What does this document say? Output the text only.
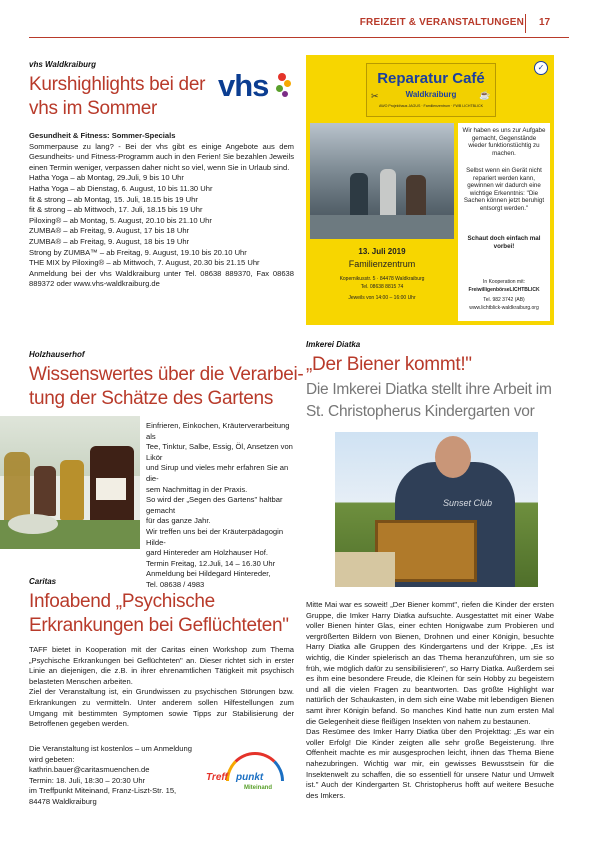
FREIZEIT & VERANSTALTUNGEN 17
vhs Waldkraiburg
Kurshighlights bei der
vhs im Sommer
vhs

Gesundheit & Fitness: Sommer-Specials

Sommerpause zu lang? - Bei der vhs gibt es einige Angebote aus dem Gesundheits- und Fitness-Programm auch in den Ferien! Sie bezahlen Jeweils einen Termin weniger, verpassen daher nicht so viel, wenn Sie in Urlaub sind.

Hatha Yoga – ab Montag, 29.Juli, 9 bis 10 Uhr

Hatha Yoga – ab Dienstag, 6. August, 10 bis 11.30 Uhr

fit & strong – ab Montag, 15. Juli, 18.15 bis 19 Uhr

fit & strong – ab Mittwoch, 17. Juli, 18.15 bis 19 Uhr

Piloxing® – ab Montag, 5. August, 20.10 bis 21.10 Uhr

ZUMBA® – ab Freitag, 9. August, 17 bis 18 Uhr

ZUMBA® – ab Freitag, 9. August, 18 bis 19 Uhr

Strong by ZUMBA™ – ab Freitag, 9. August, 19.10 bis 20.10 Uhr

THE MIX by Piloxing® – ab Mittwoch, 7. August, 20.30 bis 21.15 Uhr

Anmeldung bei der vhs Waldkraiburg unter Tel. 08638 889370, Fax 08638 889372 oder www.vhs-waldkraiburg.de

Reparatur Café
Waldkraiburg
✂	☕
AWO Projekthaus JAGUS · Familienzentrum · FWB LICHTBLICK
✓
Wir haben es uns zur Aufgabe gemacht, Gegenstände wieder funktionstüchtig zu machen.
Selbst wenn ein Gerät nicht repariert werden kann, gewinnen wir dadurch eine wichtige Erkenntnis: "Die Sachen können jetzt beruhigt entsorgt werden."
Schaut doch einfach mal vorbei!
In Kooperation mit:
FreiwilligenbörseLICHTBLICK
Tel. 982 3742 (AB)
www.lichtblick-waldkraiburg.org
13. Juli 2019
Familienzentrum
Kopernikusstr. 5 · 84478 Waldkraiburg
Tel. 08638 8815 74
Jeweils von 14:00 – 16:00 Uhr
Holzhauserhof
Wissenswertes über die Verarbei-
tung der Schätze des Gartens

Einfrieren, Einkochen, Kräuterverarbeitung als

Tee, Tinktur, Salbe, Essig, Öl, Ansetzen von Likör

und Sirup und vieles mehr erfahren Sie an die-

sem Nachmittag in der Praxis.

So wird der „Segen des Gartens" haltbar gemacht

für das ganze Jahr.

Wir treffen uns bei der Kräuterpädagogin Hilde-

gard Hintereder am Holzhauser Hof.

Termin Freitag, 12.Juli, 14 – 16.30 Uhr

Anmeldung bei Hildegard Hintereder,

Tel. 08638 / 4983

Imkerei Diatka
„Der Biener kommt!"
Die Imkerei Diatka stellt ihre Arbeit im
St. Christopherus Kindergarten vor
Sunset Club

Mitte Mai war es soweit! „Der Biener kommt", riefen die Kinder der ersten Gruppe, die Imker Harry Diatka aufsuchte. Ausgestattet mit einer Wabe voller Bienen hinter Glas, einer echten Honigwabe zum Probieren und vergrößerten Bildern von Bienen, Drohnen und einer Königin, besuchte Harry Diatka alle Gruppen des Kindergartens und der Krippe. „Es ist wichtig, die Kinder spielerisch an das Thema heranzuführen, um sie so früh, wie möglich dafür zu sensibilisieren", so Harry Diatka. Außerdem sei es ihm eine besondere Freude, die Kleinen für sein Hobby zu begeistern und all die vielen Fragen zu beantworten. Das größte Highlight war natürlich der Schaukasten, in dem sich eine Wabe mit lebendigen Bienen samt ihrer Königin befand. So manches Kind hatte nun zum ersten Mal die Gelegenheit diese fleißigen Insekten von nahem zu bestaunen.

Das Resümee des Imker Harry Diatka über den Projekttag: „Es war ein voller Erfolg! Die Kinder zeigten alle sehr große Begeisterung. Ihre Offenheit machte es mir ausgesprochen leicht, ihnen das Thema Biene nahezubringen. Wichtig war mir, ein gewisses Bewusstsein für die Insektenwelt zu schaffen, die so essentiell für unsere Natur und Umwelt ist." Auch der Kindergarten St. Christopherus hofft auf weitere Besuche des Imkers.

Caritas
Infoabend „Psychische
Erkrankungen bei Geflüchteten"

TAFF bietet in Kooperation mit der Caritas einen Workshop zum Thema „Psychische Erkrankungen bei Geflüchteten" an. Dieser richtet sich in erster Linie an diejenigen, die z.B. in ihrer ehrenamtlichen Tätigkeit mit psychisch belasteten Menschen arbeiten.

Ziel der Veranstaltung ist, ein Grundwissen zu psychischen Störungen bzw. Erkrankungen zu vermitteln. Unter anderem sollen Hilfestellungen zum Umgang mit bestimmten Symptomen sowie Tipps zur Stabilisierung der Betroffenen gegeben werden.

Die Veranstaltung ist kostenlos – um Anmeldung

wird gebeten:

kathrin.bauer@caritasmuenchen.de

Termin: 18. Juli, 18:30 – 20:30 Uhr

im Treffpunkt Miteinand, Franz-Liszt-Str. 15,

84478 Waldkraiburg

Treff punkt
Miteinand
